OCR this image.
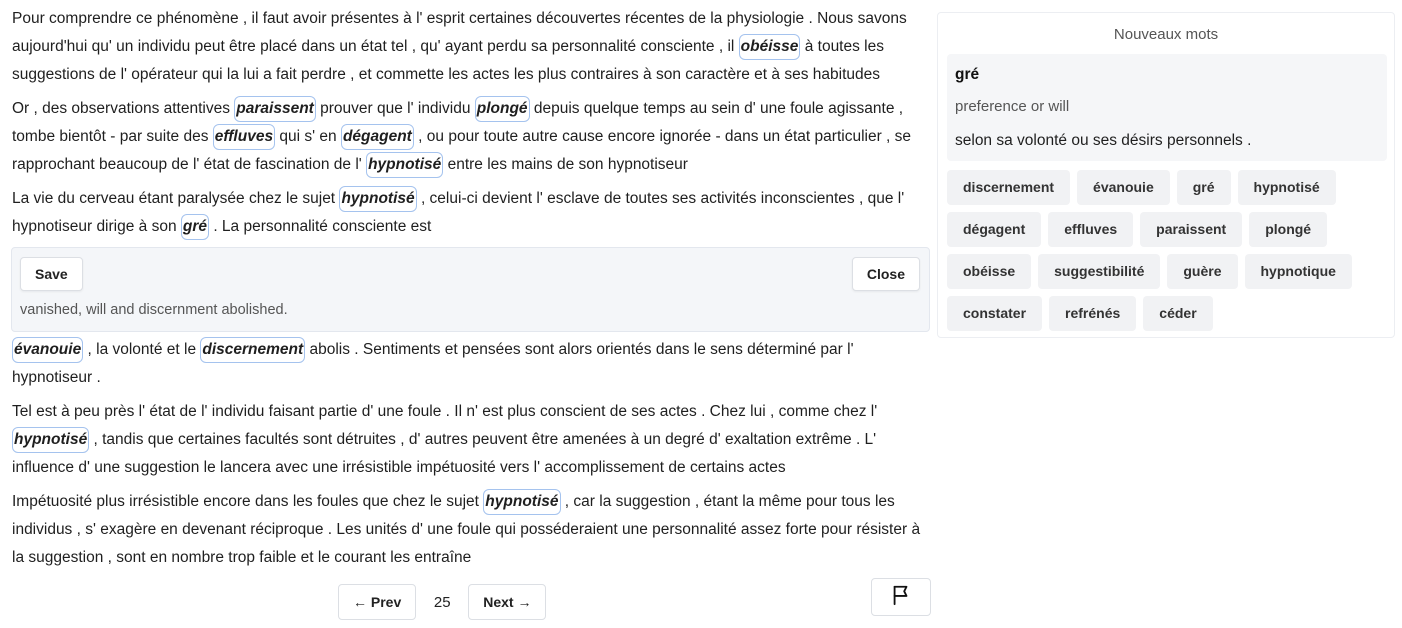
Pour comprendre ce phénomène , il faut avoir présentes à l' esprit certaines découvertes récentes de la physiologie . Nous savons aujourd'hui qu' un individu peut être placé dans un état tel , qu' ayant perdu sa personnalité consciente , il obéisse à toutes les suggestions de l' opérateur qui la lui a fait perdre , et commette les actes les plus contraires à son caractère et à ses habitudes

Or , des observations attentives paraissent prouver que l' individu plongé depuis quelque temps au sein d' une foule agissante , tombe bientôt - par suite des effluves qui s' en dégagent , ou pour toute autre cause encore ignorée - dans un état particulier , se rapprochant beaucoup de l' état de fascination de l' hypnotisé entre les mains de son hypnotiseur

La vie du cerveau étant paralysée chez le sujet hypnotisé , celui-ci devient l' esclave de toutes ses activités inconscientes , que l' hypnotiseur dirige à son gré . La personnalité consciente est

Save	Close
vanished, will and discernment abolished.

évanouie , la volonté et le discernement abolis . Sentiments et pensées sont alors orientés dans le sens déterminé par l' hypnotiseur .

Tel est à peu près l' état de l' individu faisant partie d' une foule . Il n' est plus conscient de ses actes . Chez lui , comme chez l' hypnotisé , tandis que certaines facultés sont détruites , d' autres peuvent être amenées à un degré d' exaltation extrême . L' influence d' une suggestion le lancera avec une irrésistible impétuosité vers l' accomplissement de certains actes

Impétuosité plus irrésistible encore dans les foules que chez le sujet hypnotisé , car la suggestion , étant la même pour tous les individus , s' exagère en devenant réciproque . Les unités d' une foule qui posséderaient une personnalité assez forte pour résister à la suggestion , sont en nombre trop faible et le courant les entraîne

← Prev	25	Next →
Nouveaux mots
gré
preference or will
selon sa volonté ou ses désirs personnels .
discernement	évanouie	gré	hypnotisé
dégagent	effluves	paraissent	plongé
obéisse	suggestibilité	guère	hypnotique
constater	refrénés	céder
